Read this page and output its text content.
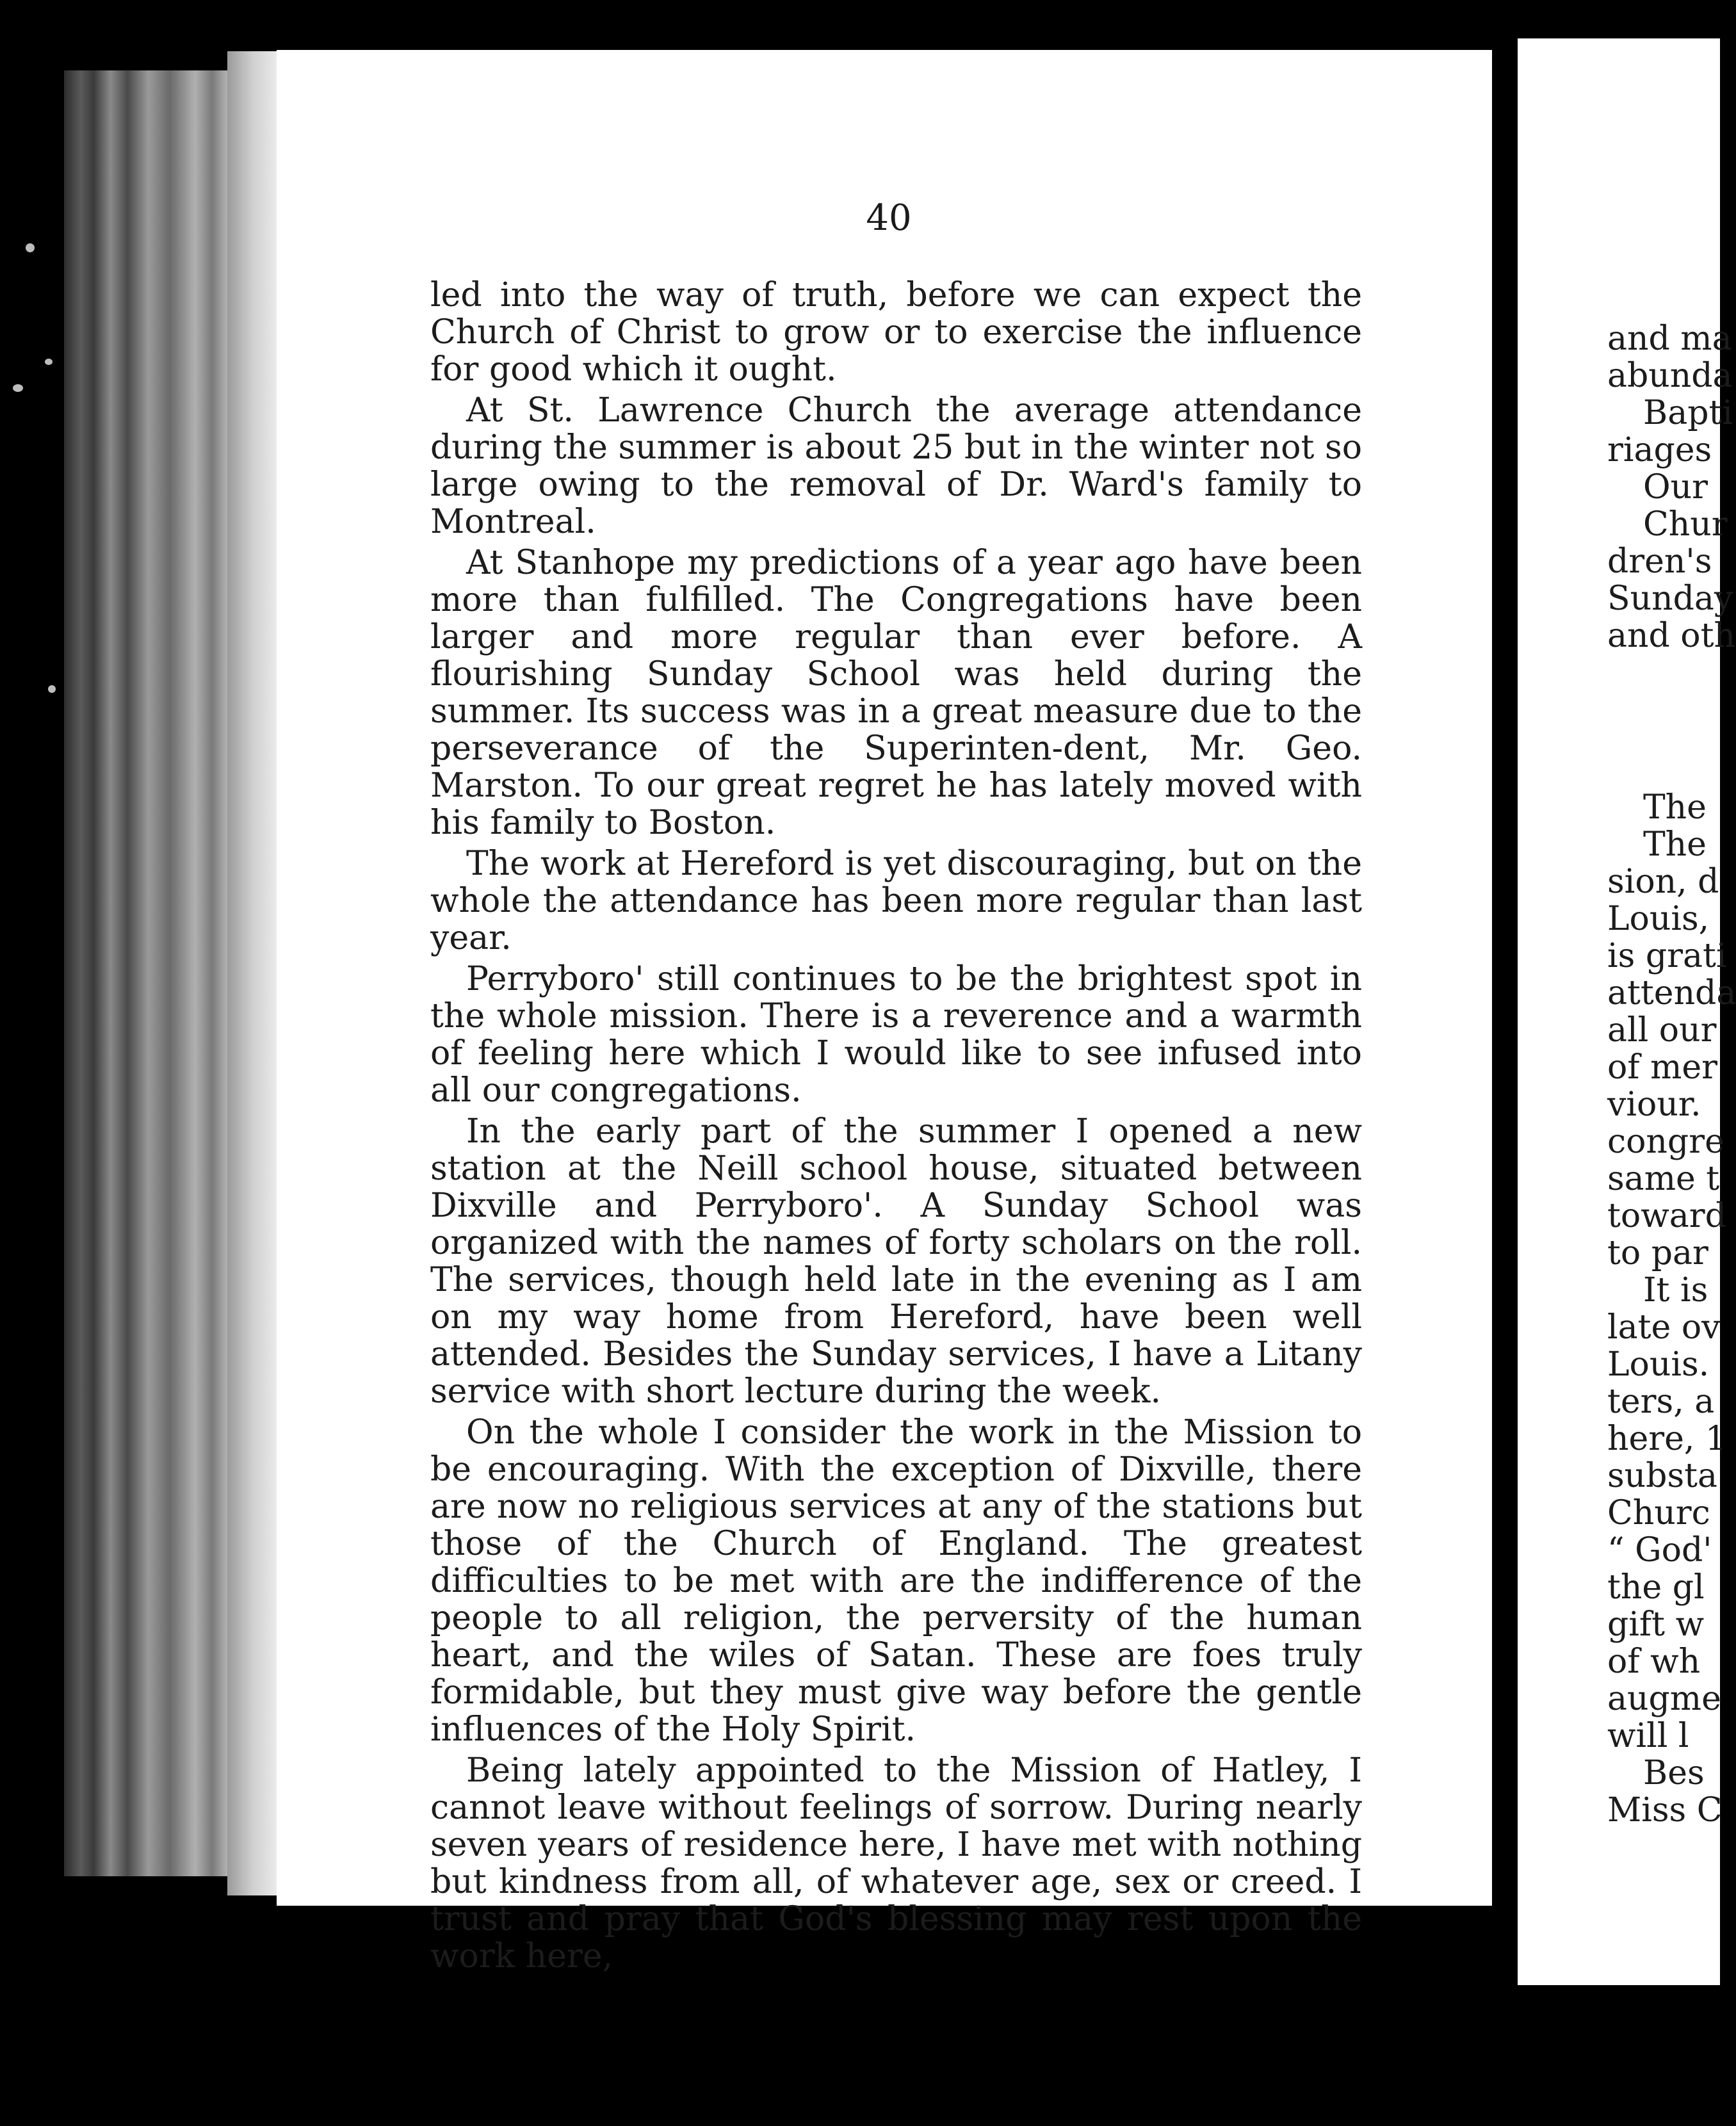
40

led into the way of truth, before we can expect the Church of Christ to grow or to exercise the influence for good which it ought.

At St. Lawrence Church the average attendance during the summer is about 25 but in the winter not so large owing to the removal of Dr. Ward's family to Montreal.

At Stanhope my predictions of a year ago have been more than fulfilled. The Congregations have been larger and more regular than ever before. A flourishing Sunday School was held during the summer. Its success was in a great measure due to the perseverance of the Superinten-dent, Mr. Geo. Marston. To our great regret he has lately moved with his family to Boston.

The work at Hereford is yet discouraging, but on the whole the attendance has been more regular than last year.

Perryboro' still continues to be the brightest spot in the whole mission. There is a reverence and a warmth of feeling here which I would like to see infused into all our congregations.

In the early part of the summer I opened a new station at the Neill school house, situated between Dixville and Perryboro'. A Sunday School was organized with the names of forty scholars on the roll. The services, though held late in the evening as I am on my way home from Hereford, have been well attended. Besides the Sunday services, I have a Litany service with short lecture during the week.

On the whole I consider the work in the Mission to be encouraging. With the exception of Dixville, there are now no religious services at any of the stations but those of the Church of England. The greatest difficulties to be met with are the indifference of the people to all religion, the perversity of the human heart, and the wiles of Satan. These are foes truly formidable, but they must give way before the gentle influences of the Holy Spirit.

Being lately appointed to the Mission of Hatley, I cannot leave without feelings of sorrow. During nearly seven years of residence here, I have met with nothing but kindness from all, of whatever age, sex or creed. I trust and pray that God's blessing may rest upon the work here,

and ma
abunda
Bapti
riages
Our
Chur
dren's
Sunday
and oth
The
The
sion, d
Louis,
is grati
attenda
all our
of mer
viour.
congre
same t
toward
to par
It is
late ov
Louis.
ters, a
here, 1
substa
Churc
“ God'
the gl
gift w
of wh
augme
will l
Bes
Miss C
